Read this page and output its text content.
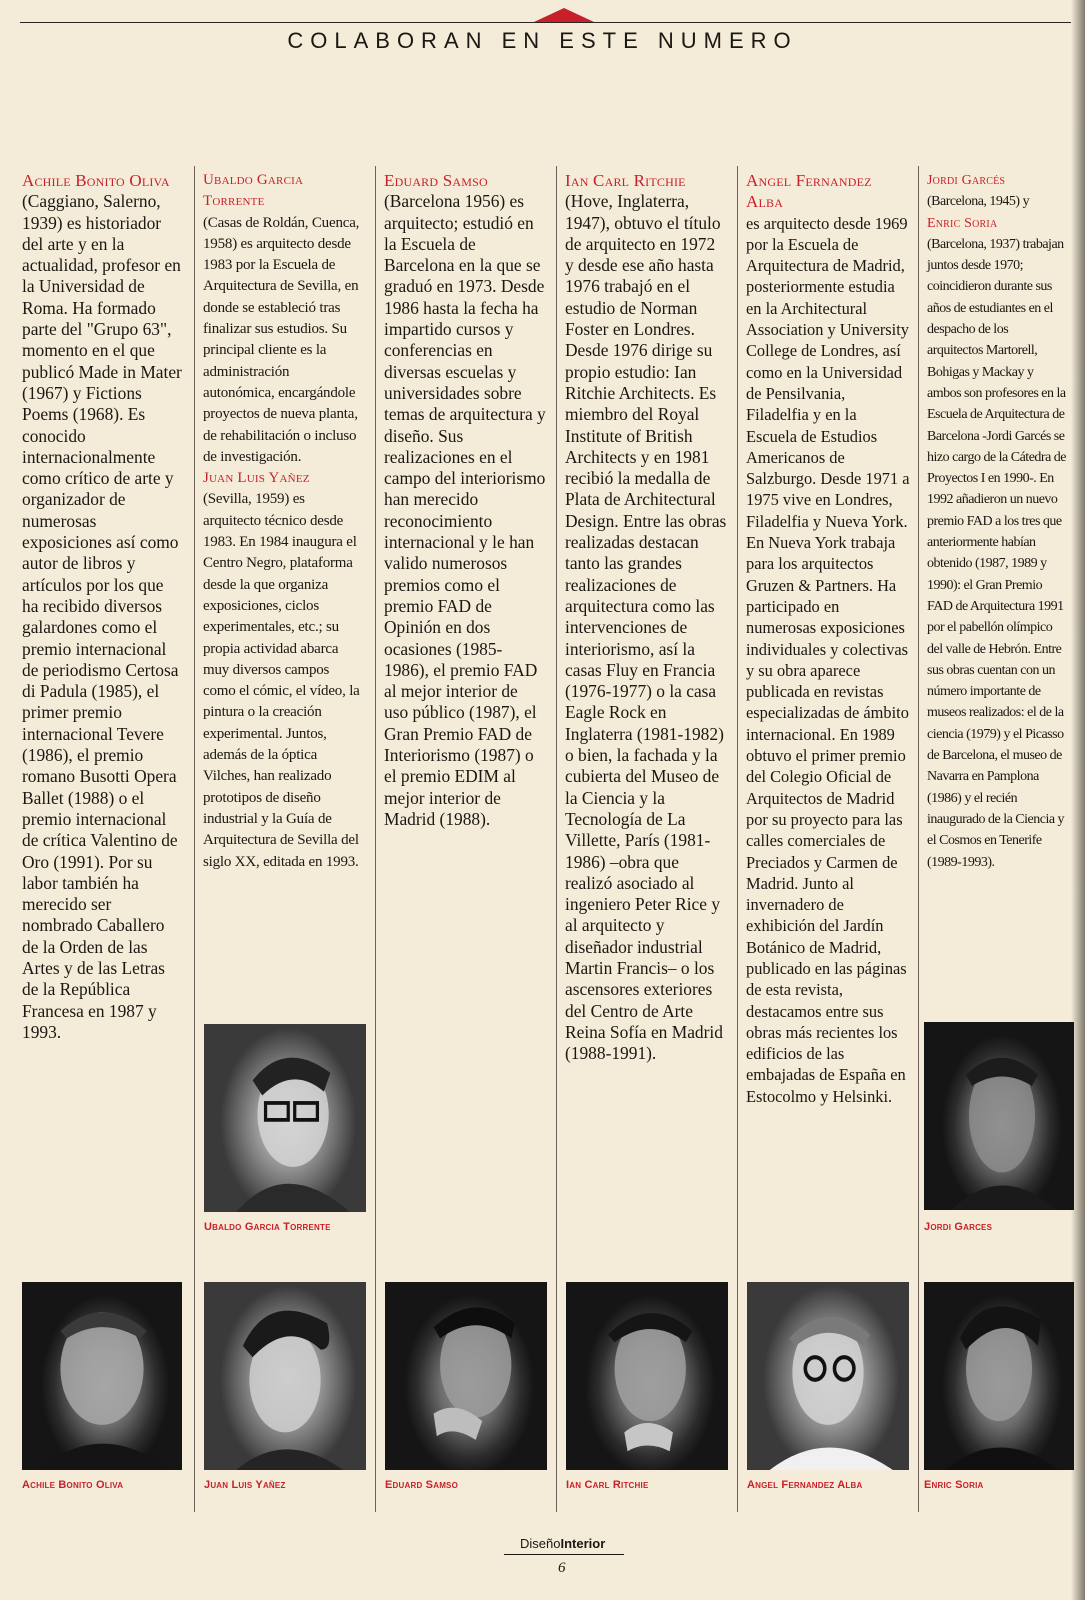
COLABORAN EN ESTE NUMERO
Achile Bonito Oliva
(Caggiano, Salerno, 1939) es historiador del arte y en la actualidad, profesor en la Universidad de Roma. Ha formado parte del "Grupo 63", momento en el que publicó Made in Mater (1967) y Fictions Poems (1968). Es conocido internacionalmente como crítico de arte y organizador de numerosas exposiciones así como autor de libros y artículos por los que ha recibido diversos galardones como el premio internacional de periodismo Certosa di Padula (1985), el primer premio internacional Tevere (1986), el premio romano Busotti Opera Ballet (1988) o el premio internacional de crítica Valentino de Oro (1991). Por su labor también ha merecido ser nombrado Caballero de la Orden de las Artes y de las Letras de la República Francesa en 1987 y 1993.
Ubaldo Garcia Torrente
(Casas de Roldán, Cuenca, 1958) es arquitecto desde 1983 por la Escuela de Arquitectura de Sevilla, en donde se estableció tras finalizar sus estudios. Su principal cliente es la administración autonómica, encargándole proyectos de nueva planta, de rehabilitación o incluso de investigación.
Juan Luis Yañez
(Sevilla, 1959) es arquitecto técnico desde 1983. En 1984 inaugura el Centro Negro, plataforma desde la que organiza exposiciones, ciclos experimentales, etc.; su propia actividad abarca muy diversos campos como el cómic, el vídeo, la pintura o la creación experimental. Juntos, además de la óptica Vilches, han realizado prototipos de diseño industrial y la Guía de Arquitectura de Sevilla del siglo XX, editada en 1993.
Eduard Samso
(Barcelona 1956) es arquitecto; estudió en la Escuela de Barcelona en la que se graduó en 1973. Desde 1986 hasta la fecha ha impartido cursos y conferencias en diversas escuelas y universidades sobre temas de arquitectura y diseño. Sus realizaciones en el campo del interiorismo han merecido reconocimiento internacional y le han valido numerosos premios como el premio FAD de Opinión en dos ocasiones (1985-1986), el premio FAD al mejor interior de uso público (1987), el Gran Premio FAD de Interiorismo (1987) o el premio EDIM al mejor interior de Madrid (1988).
Ian Carl Ritchie
(Hove, Inglaterra, 1947), obtuvo el título de arquitecto en 1972 y desde ese año hasta 1976 trabajó en el estudio de Norman Foster en Londres. Desde 1976 dirige su propio estudio: Ian Ritchie Architects. Es miembro del Royal Institute of British Architects y en 1981 recibió la medalla de Plata de Architectural Design. Entre las obras realizadas destacan tanto las grandes realizaciones de arquitectura como las intervenciones de interiorismo, así la casas Fluy en Francia (1976-1977) o la casa Eagle Rock en Inglaterra (1981-1982) o bien, la fachada y la cubierta del Museo de la Ciencia y la Tecnología de La Villette, París (1981-1986) –obra que realizó asociado al ingeniero Peter Rice y al arquitecto y diseñador industrial Martin Francis– o los ascensores exteriores del Centro de Arte Reina Sofía en Madrid (1988-1991).
Angel Fernandez Alba
es arquitecto desde 1969 por la Escuela de Arquitectura de Madrid, posteriormente estudia en la Architectural Association y University College de Londres, así como en la Universidad de Pensilvania, Filadelfia y en la Escuela de Estudios Americanos de Salzburgo. Desde 1971 a 1975 vive en Londres, Filadelfia y Nueva York. En Nueva York trabaja para los arquitectos Gruzen & Partners. Ha participado en numerosas exposiciones individuales y colectivas y su obra aparece publicada en revistas especializadas de ámbito internacional. En 1989 obtuvo el primer premio del Colegio Oficial de Arquitectos de Madrid por su proyecto para las calles comerciales de Preciados y Carmen de Madrid. Junto al invernadero de exhibición del Jardín Botánico de Madrid, publicado en las páginas de esta revista, destacamos entre sus obras más recientes los edificios de las embajadas de España en Estocolmo y Helsinki.
Jordi Garcés (Barcelona, 1945) y
Enric Soria
(Barcelona, 1937) trabajan juntos desde 1970; coincidieron durante sus años de estudiantes en el despacho de los arquitectos Martorell, Bohigas y Mackay y ambos son profesores en la Escuela de Arquitectura de Barcelona -Jordi Garcés se hizo cargo de la Cátedra de Proyectos I en 1990-. En 1992 añadieron un nuevo premio FAD a los tres que anteriormente habían obtenido (1987, 1989 y 1990): el Gran Premio FAD de Arquitectura 1991 por el pabellón olímpico del valle de Hebrón. Entre sus obras cuentan con un número importante de museos realizados: el de la ciencia (1979) y el Picasso de Barcelona, el museo de Navarra en Pamplona (1986) y el recién inaugurado de la Ciencia y el Cosmos en Tenerife (1989-1993).
Ubaldo Garcia Torrente	Jordi Garces
Achile Bonito Oliva	Juan Luis Yañez	Eduard Samso	Ian Carl Ritchie	Angel Fernandez Alba	Enric Soria
DiseñoInterior
6
